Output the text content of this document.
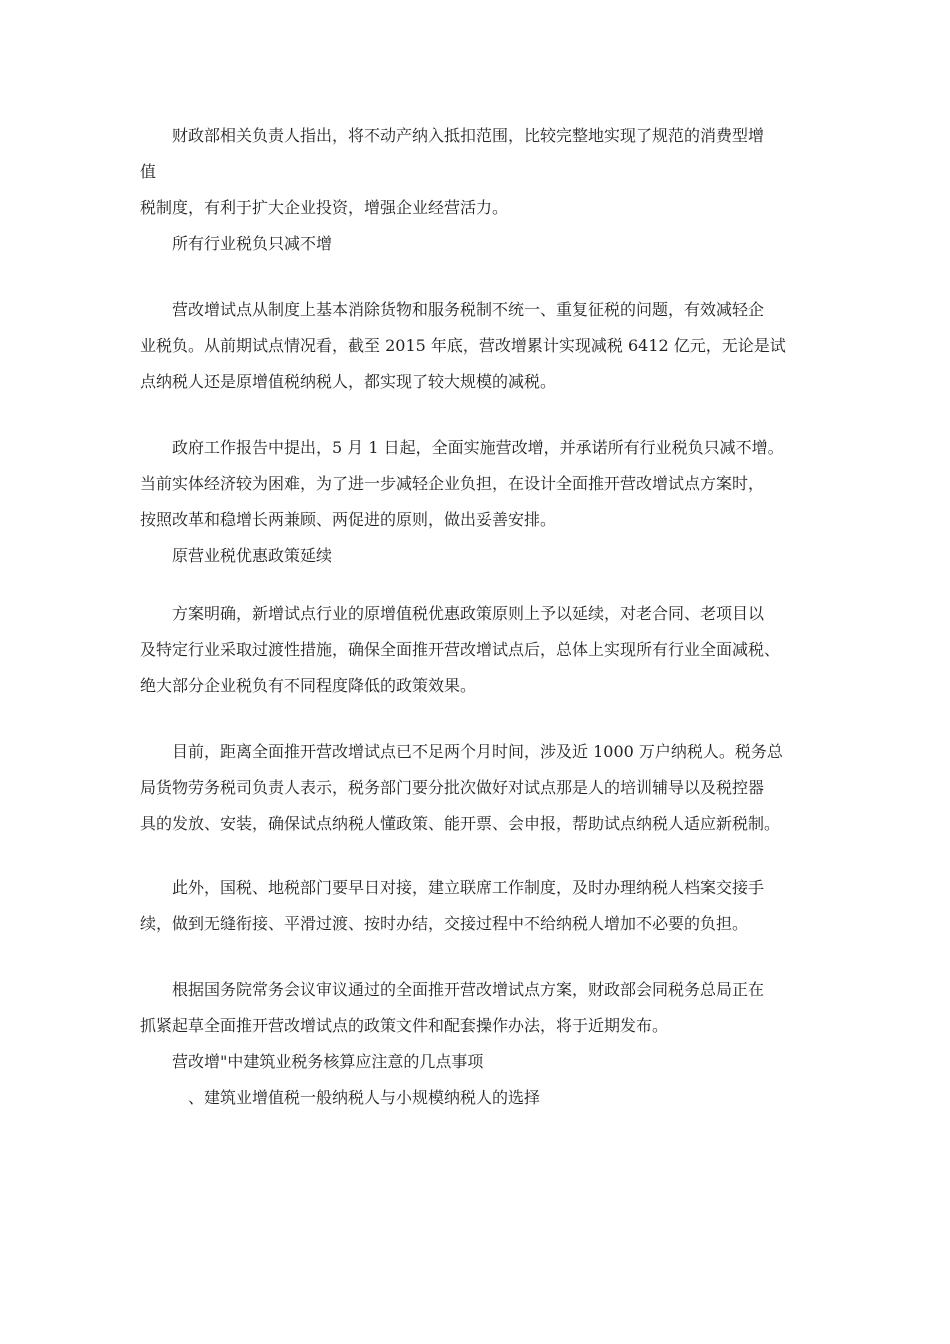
财政部相关负责人指出，将不动产纳入抵扣范围，比较完整地实现了规范的消费型增
值
税制度，有利于扩大企业投资，增强企业经营活力。

所有行业税负只减不增

营改增试点从制度上基本消除货物和服务税制不统一、重复征税的问题，有效减轻企
业税负。从前期试点情况看，截至 2015 年底，营改增累计实现减税 6412 亿元，无论是试
点纳税人还是原增值税纳税人，都实现了较大规模的减税。
政府工作报告中提出，5 月 1 日起，全面实施营改增，并承诺所有行业税负只减不增。
当前实体经济较为困难，为了进一步减轻企业负担，在设计全面推开营改增试点方案时，
按照改革和稳增长两兼顾、两促进的原则，做出妥善安排。

原营业税优惠政策延续

方案明确，新增试点行业的原增值税优惠政策原则上予以延续，对老合同、老项目以
及特定行业采取过渡性措施，确保全面推开营改增试点后，总体上实现所有行业全面减税、
绝大部分企业税负有不同程度降低的政策效果。
目前，距离全面推开营改增试点已不足两个月时间，涉及近 1000 万户纳税人。税务总
局货物劳务税司负责人表示，税务部门要分批次做好对试点那是人的培训辅导以及税控器
具的发放、安装，确保试点纳税人懂政策、能开票、会申报，帮助试点纳税人适应新税制。
此外，国税、地税部门要早日对接，建立联席工作制度，及时办理纳税人档案交接手
续，做到无缝衔接、平滑过渡、按时办结，交接过程中不给纳税人增加不必要的负担。
根据国务院常务会议审议通过的全面推开营改增试点方案，财政部会同税务总局正在
抓紧起草全面推开营改增试点的政策文件和配套操作办法，将于近期发布。

营改增"中建筑业税务核算应注意的几点事项

、建筑业增值税一般纳税人与小规模纳税人的选择
